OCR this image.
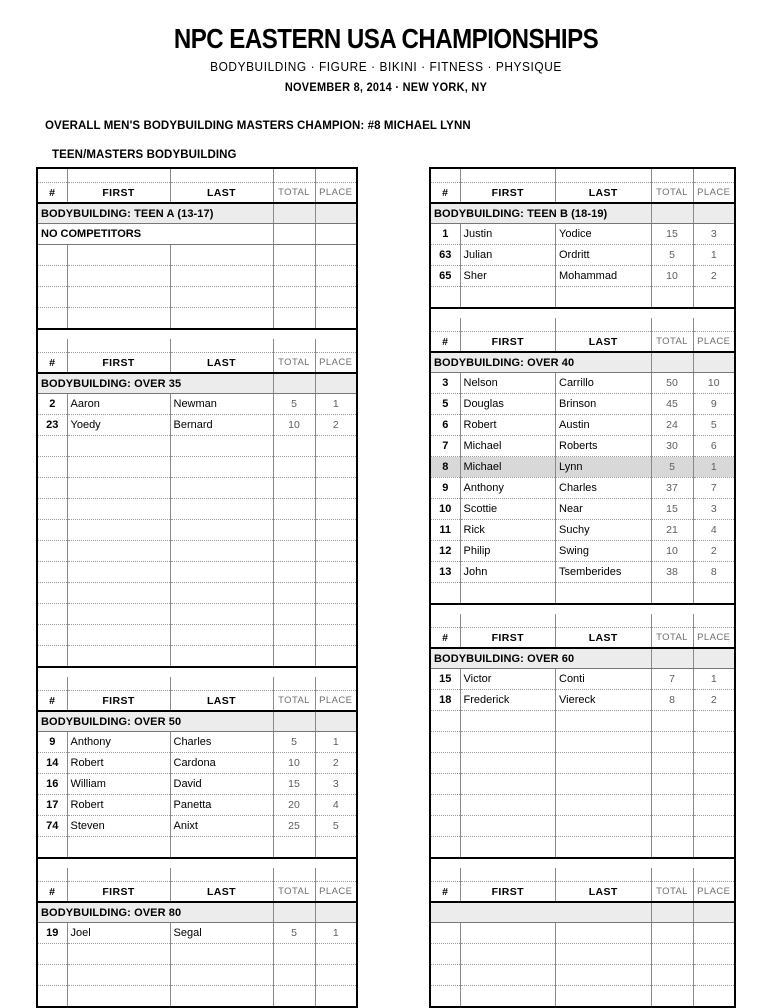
NPC EASTERN USA CHAMPIONSHIPS
BODYBUILDING · FIGURE · BIKINI · FITNESS · PHYSIQUE
NOVEMBER 8, 2014 · NEW YORK, NY
OVERALL MEN'S BODYBUILDING MASTERS CHAMPION: #8 MICHAEL LYNN
TEEN/MASTERS BODYBUILDING

#	FIRST	LAST	TOTAL	PLACE
BODYBUILDING: TEEN A (13-17)				
NO COMPETITORS				

#	FIRST	LAST	TOTAL	PLACE
BODYBUILDING: OVER 35				
2	Aaron	Newman	5	1
23	Yoedy	Bernard	10	2

#	FIRST	LAST	TOTAL	PLACE
BODYBUILDING: OVER 50				
9	Anthony	Charles	5	1
14	Robert	Cardona	10	2
16	William	David	15	3
17	Robert	Panetta	20	4
74	Steven	Anixt	25	5

#	FIRST	LAST	TOTAL	PLACE
BODYBUILDING: OVER 80				
19	Joel	Segal	5	1

#	FIRST	LAST	TOTAL	PLACE
BODYBUILDING: TEEN B (18-19)				
1	Justin	Yodice	15	3
63	Julian	Ordritt	5	1
65	Sher	Mohammad	10	2

#	FIRST	LAST	TOTAL	PLACE
BODYBUILDING: OVER 40				
3	Nelson	Carrillo	50	10
5	Douglas	Brinson	45	9
6	Robert	Austin	24	5
7	Michael	Roberts	30	6
8	Michael	Lynn	5	1
9	Anthony	Charles	37	7
10	Scottie	Near	15	3
11	Rick	Suchy	21	4
12	Philip	Swing	10	2
13	John	Tsemberides	38	8

#	FIRST	LAST	TOTAL	PLACE
BODYBUILDING: OVER 60				
15	Victor	Conti	7	1
18	Frederick	Viereck	8	2

#	FIRST	LAST	TOTAL	PLACE
